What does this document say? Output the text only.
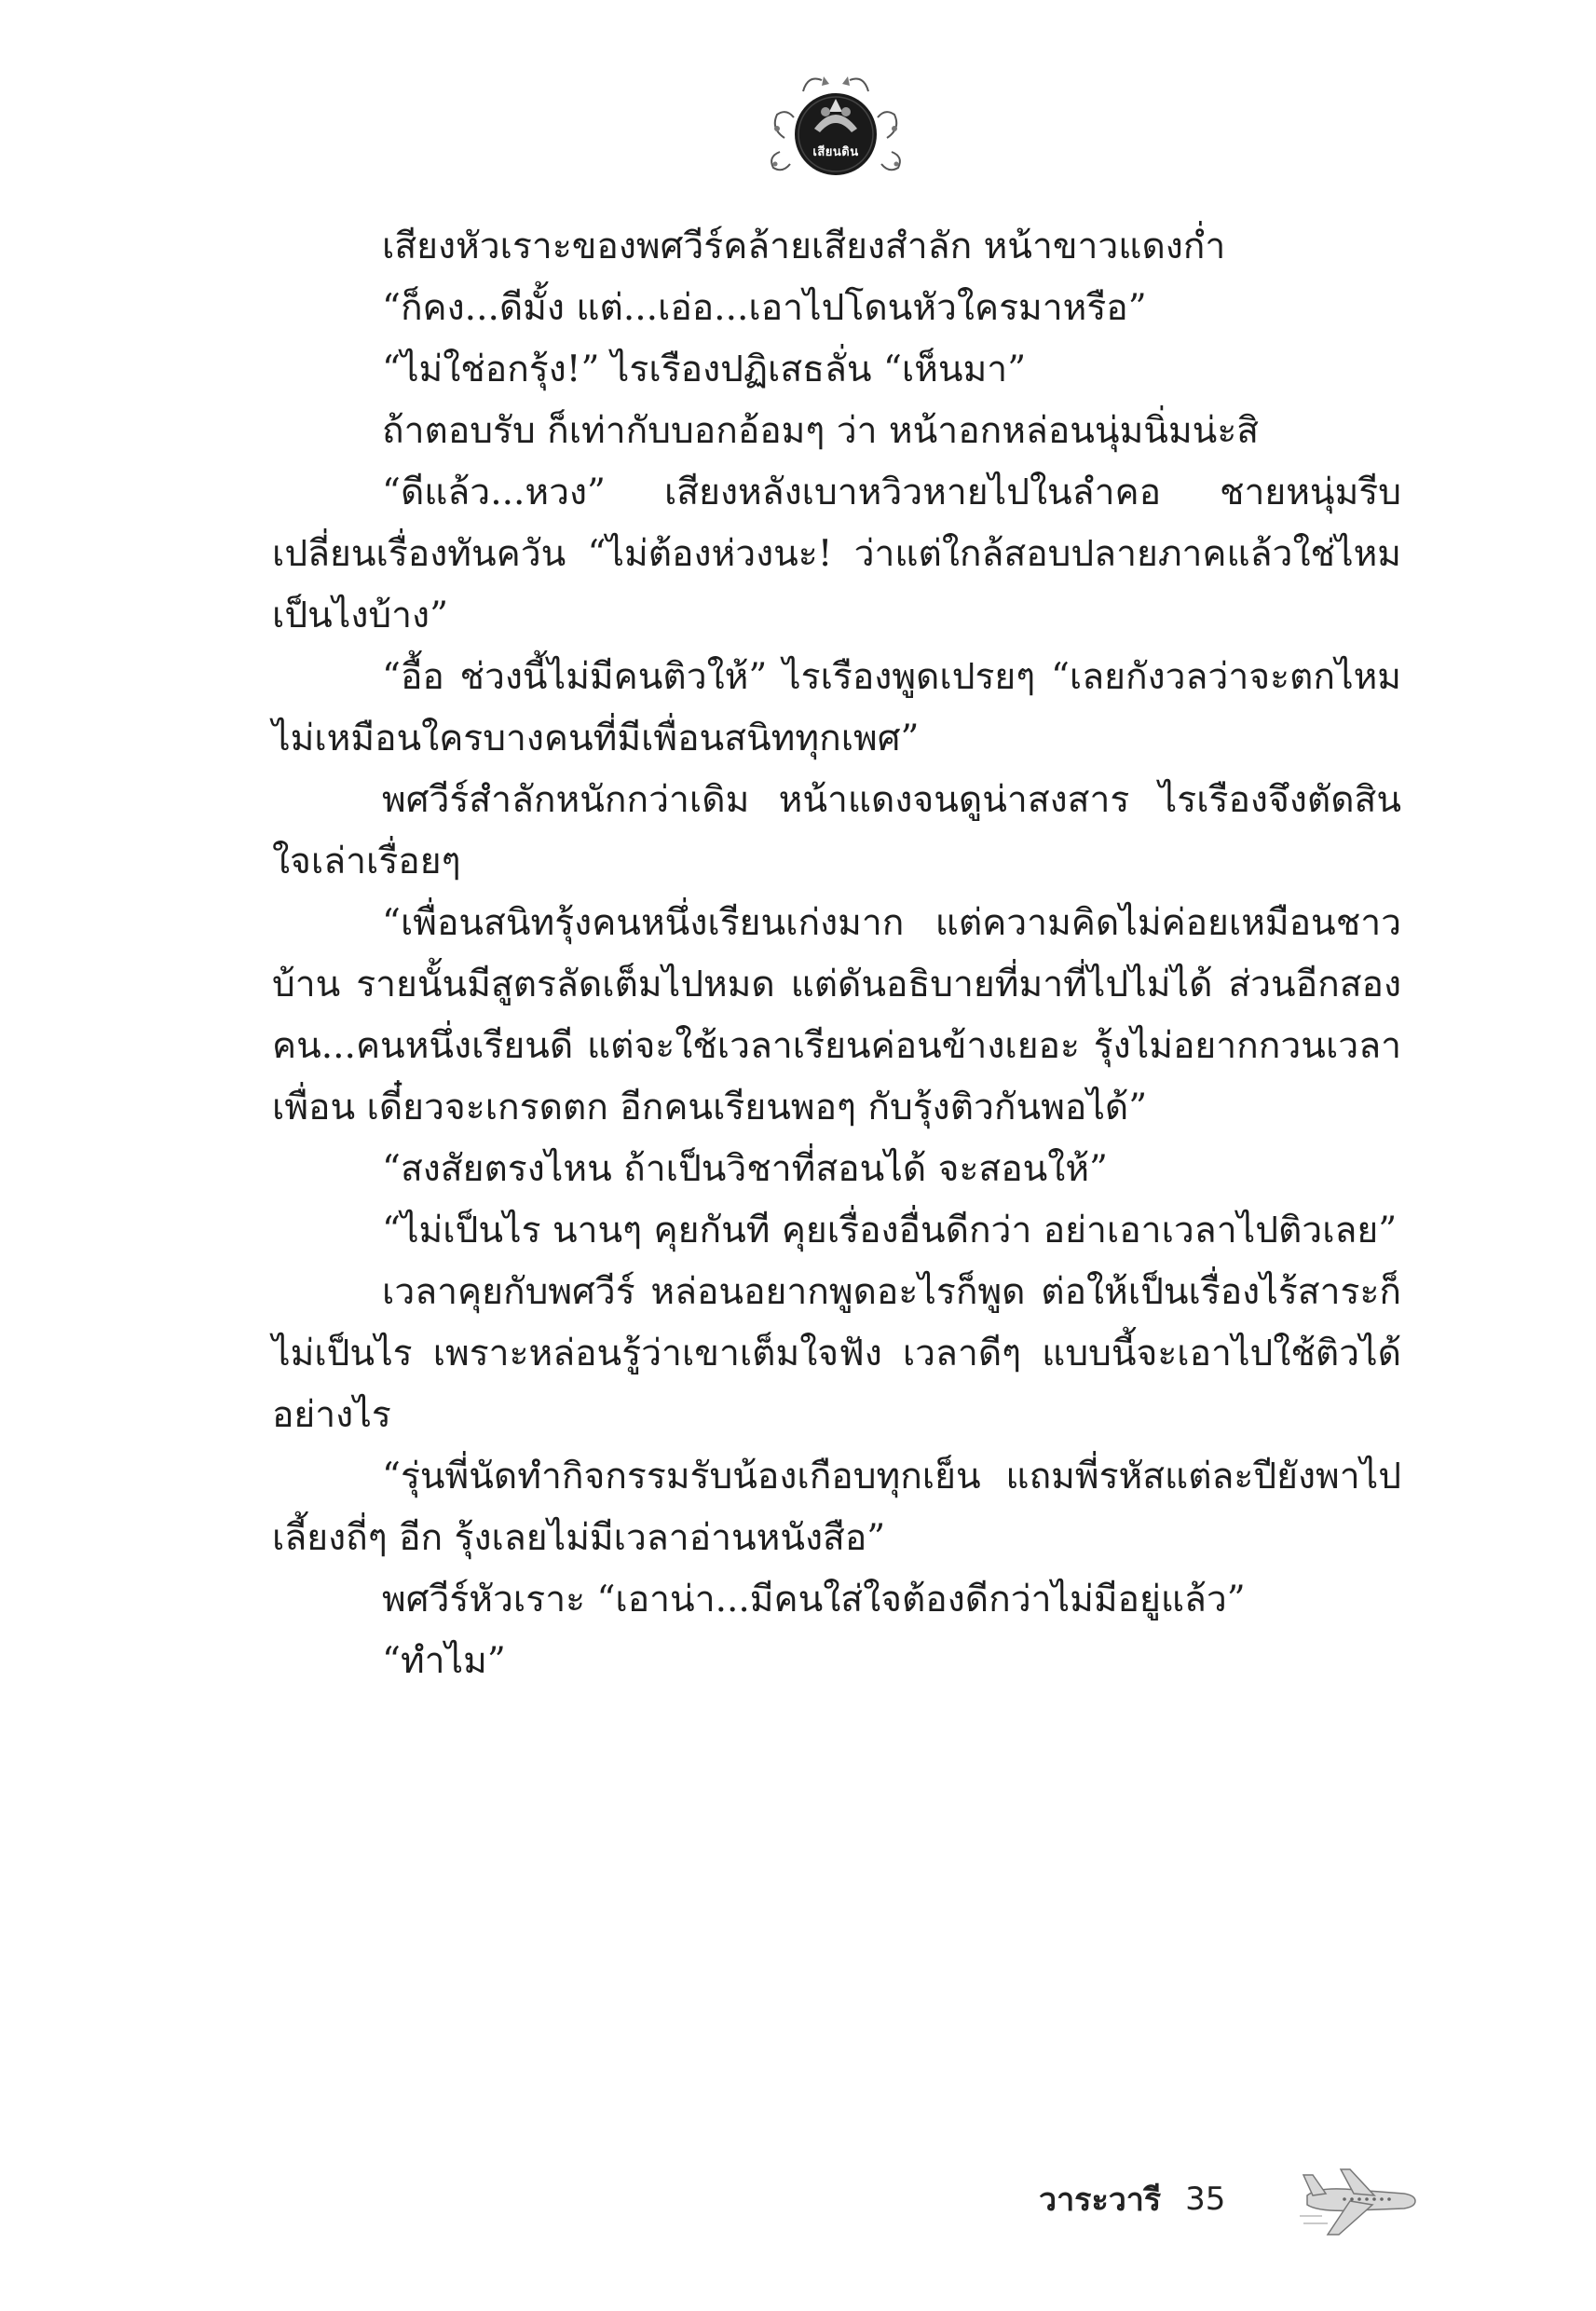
เสียนดิน

เสียงหัวเราะของพศวีร์คล้ายเสียงสำลัก หน้าขาวแดงก่ำ

“ก็คง...ดีมั้ง แต่...เอ่อ...เอาไปโดนหัวใครมาหรือ”

“ไม่ใช่อกรุ้ง!” ไรเรืองปฏิเสธลั่น “เห็นมา”

ถ้าตอบรับ ก็เท่ากับบอกอ้อมๆ ว่า หน้าอกหล่อนนุ่มนิ่มน่ะสิ

“ดีแล้ว...หวง” เสียงหลังเบาหวิวหายไปในลำคอ ชายหนุ่มรีบเปลี่ยนเรื่องทันควัน “ไม่ต้องห่วงนะ! ว่าแต่ใกล้สอบปลายภาคแล้วใช่ไหม เป็นไงบ้าง”

“อื้อ ช่วงนี้ไม่มีคนติวให้” ไรเรืองพูดเปรยๆ “เลยกังวลว่าจะตกไหม ไม่เหมือนใครบางคนที่มีเพื่อนสนิททุกเพศ”

พศวีร์สำลักหนักกว่าเดิม หน้าแดงจนดูน่าสงสาร ไรเรืองจึงตัดสินใจเล่าเรื่อยๆ

“เพื่อนสนิทรุ้งคนหนึ่งเรียนเก่งมาก แต่ความคิดไม่ค่อยเหมือนชาวบ้าน รายนั้นมีสูตรลัดเต็มไปหมด แต่ดันอธิบายที่มาที่ไปไม่ได้ ส่วนอีกสองคน...คนหนึ่งเรียนดี แต่จะใช้เวลาเรียนค่อนข้างเยอะ รุ้งไม่อยากกวนเวลาเพื่อน เดี๋ยวจะเกรดตก อีกคนเรียนพอๆ กับรุ้งติวกันพอได้”

“สงสัยตรงไหน ถ้าเป็นวิชาที่สอนได้ จะสอนให้”

“ไม่เป็นไร นานๆ คุยกันที คุยเรื่องอื่นดีกว่า อย่าเอาเวลาไปติวเลย”

เวลาคุยกับพศวีร์ หล่อนอยากพูดอะไรก็พูด ต่อให้เป็นเรื่องไร้สาระก็ไม่เป็นไร เพราะหล่อนรู้ว่าเขาเต็มใจฟัง เวลาดีๆ แบบนี้จะเอาไปใช้ติวได้อย่างไร

“รุ่นพี่นัดทำกิจกรรมรับน้องเกือบทุกเย็น แถมพี่รหัสแต่ละปียังพาไปเลี้ยงถี่ๆ อีก รุ้งเลยไม่มีเวลาอ่านหนังสือ”

พศวีร์หัวเราะ “เอาน่า...มีคนใส่ใจต้องดีกว่าไม่มีอยู่แล้ว”

“ทำไม”

วาระวารี 35
